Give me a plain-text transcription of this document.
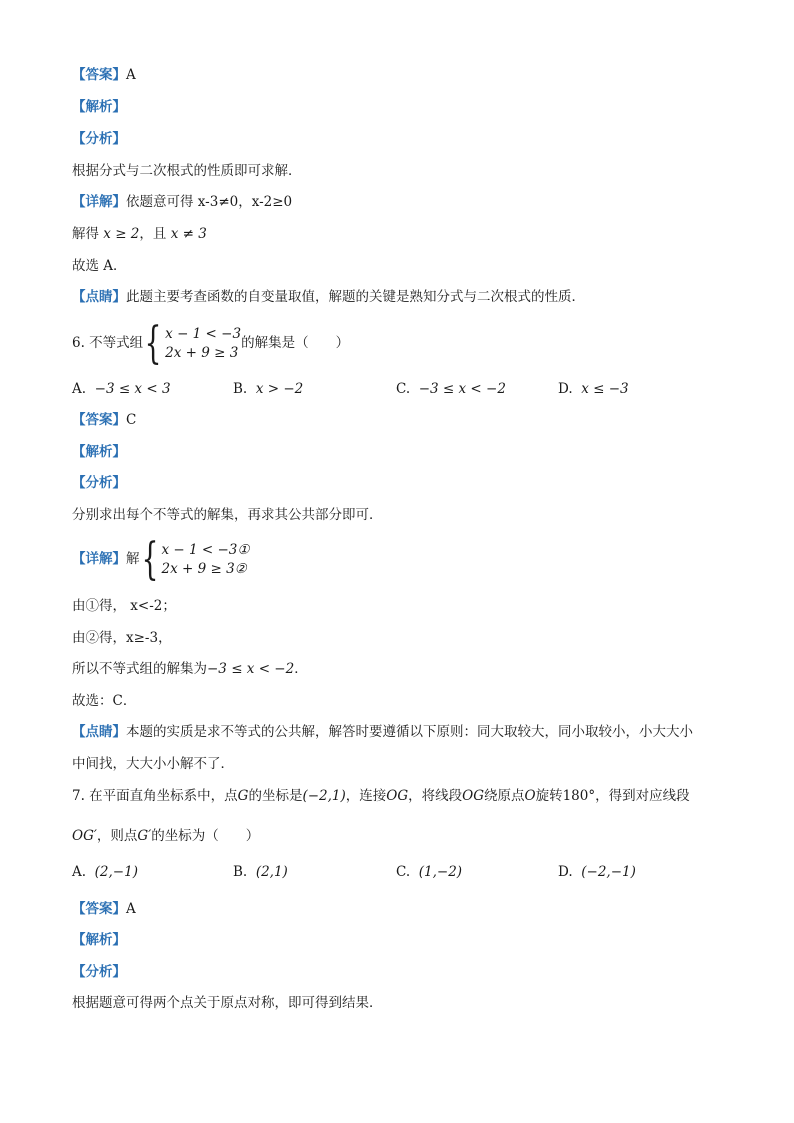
【答案】A
【解析】
【分析】
根据分式与二次根式的性质即可求解．
【详解】依题意可得 x-3≠0，x-2≥0
解得 x ≥ 2，且 x ≠ 3
故选 A．
【点睛】此题主要考查函数的自变量取值，解题的关键是熟知分式与二次根式的性质．
6. 不等式组 { x − 1 < −3
2x + 9 ≥ 3
的解集是（　　）
A. −3 ≤ x < 3	B. x > −2	C. −3 ≤ x < −2	D. x ≤ −3
【答案】C
【解析】
【分析】
分别求出每个不等式的解集，再求其公共部分即可．
【详解】解 { x − 1 < −3①
2x + 9 ≥ 3②
由①得， x<-2；
由②得，x≥-3，
所以不等式组的解集为−3 ≤ x < −2．
故选：C．
【点睛】本题的实质是求不等式的公共解，解答时要遵循以下原则：同大取较大，同小取较小，小大大小
中间找，大大小小解不了．
7. 在平面直角坐标系中，点G的坐标是(−2,1)，连接OG，将线段OG绕原点O旋转180°，得到对应线段
OG′，则点G′的坐标为（　　）
A. (2,−1)	B. (2,1)	C. (1,−2)	D. (−2,−1)
【答案】A
【解析】
【分析】
根据题意可得两个点关于原点对称，即可得到结果．
